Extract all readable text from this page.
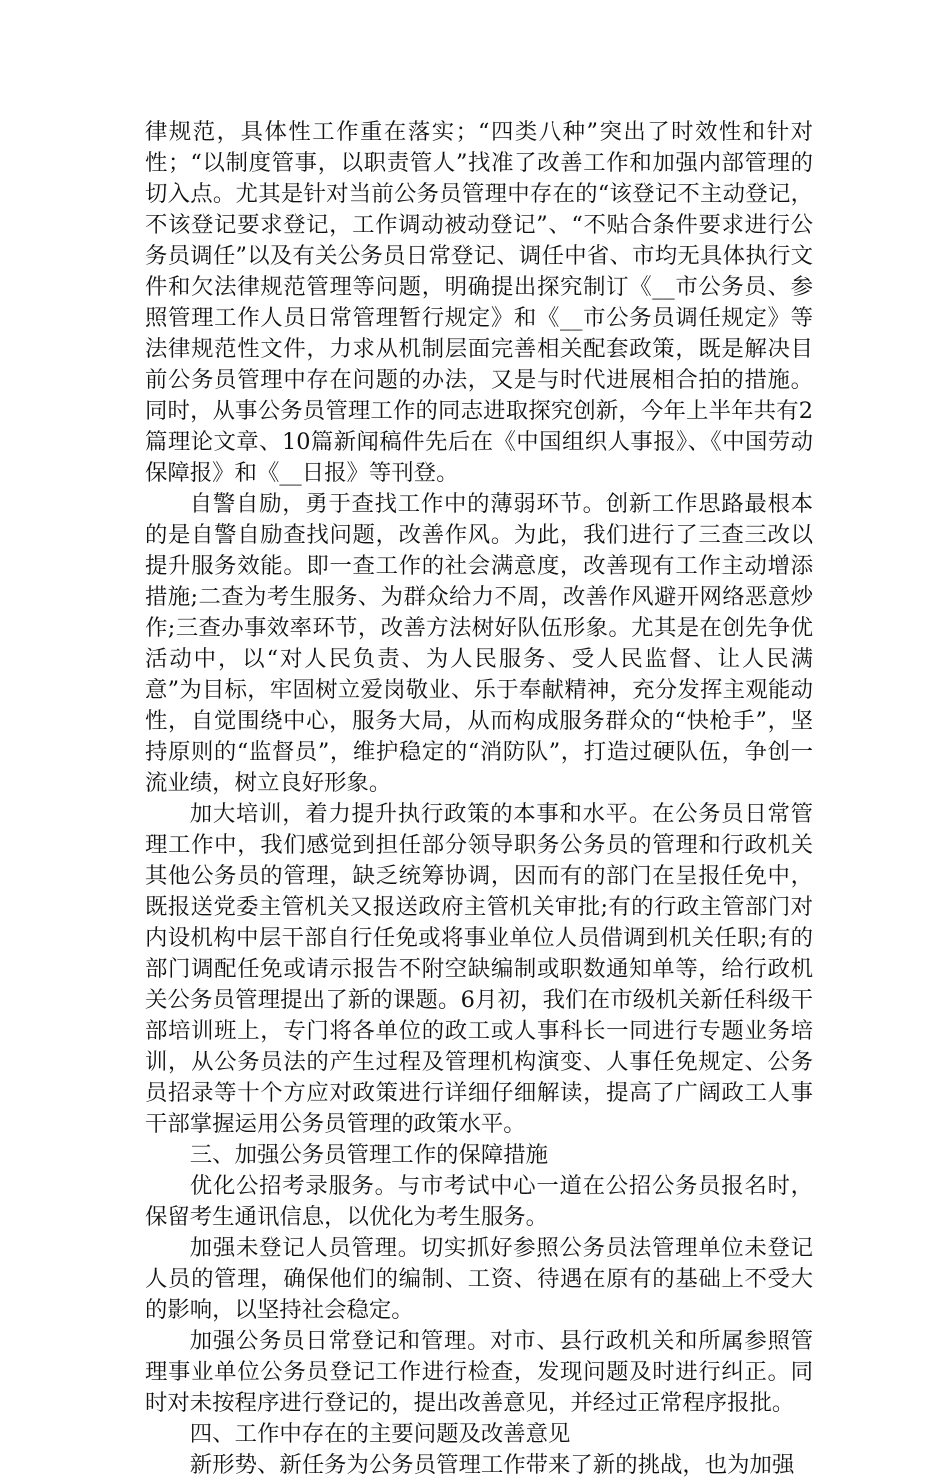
律规范，具体性工作重在落实；“四类八种”突出了时效性和针对性；“以制度管事，以职责管人”找准了改善工作和加强内部管理的切入点。尤其是针对当前公务员管理中存在的“该登记不主动登记，不该登记要求登记，工作调动被动登记”、“不贴合条件要求进行公务员调任”以及有关公务员日常登记、调任中省、市均无具体执行文件和欠法律规范管理等问题，明确提出探究制订《__市公务员、参照管理工作人员日常管理暂行规定》和《__市公务员调任规定》等法律规范性文件，力求从机制层面完善相关配套政策，既是解决目前公务员管理中存在问题的办法，又是与时代进展相合拍的措施。同时，从事公务员管理工作的同志进取探究创新，今年上半年共有2篇理论文章、10篇新闻稿件先后在《中国组织人事报》、《中国劳动保障报》和《__日报》等刊登。

自警自励，勇于查找工作中的薄弱环节。创新工作思路最根本的是自警自励查找问题，改善作风。为此，我们进行了三查三改以提升服务效能。即一查工作的社会满意度，改善现有工作主动增添措施;二查为考生服务、为群众给力不周，改善作风避开网络恶意炒作;三查办事效率环节，改善方法树好队伍形象。尤其是在创先争优活动中，以“对人民负责、为人民服务、受人民监督、让人民满意”为目标，牢固树立爱岗敬业、乐于奉献精神，充分发挥主观能动性，自觉围绕中心，服务大局，从而构成服务群众的“快枪手”，坚持原则的“监督员”，维护稳定的“消防队”，打造过硬队伍，争创一流业绩，树立良好形象。

加大培训，着力提升执行政策的本事和水平。在公务员日常管理工作中，我们感觉到担任部分领导职务公务员的管理和行政机关其他公务员的管理，缺乏统筹协调，因而有的部门在呈报任免中，既报送党委主管机关又报送政府主管机关审批;有的行政主管部门对内设机构中层干部自行任免或将事业单位人员借调到机关任职;有的部门调配任免或请示报告不附空缺编制或职数通知单等，给行政机关公务员管理提出了新的课题。6月初，我们在市级机关新任科级干部培训班上，专门将各单位的政工或人事科长一同进行专题业务培训，从公务员法的产生过程及管理机构演变、人事任免规定、公务员招录等十个方应对政策进行详细仔细解读，提高了广阔政工人事干部掌握运用公务员管理的政策水平。

三、加强公务员管理工作的保障措施

优化公招考录服务。与市考试中心一道在公招公务员报名时，保留考生通讯信息，以优化为考生服务。

加强未登记人员管理。切实抓好参照公务员法管理单位未登记人员的管理，确保他们的编制、工资、待遇在原有的基础上不受大的影响，以坚持社会稳定。

加强公务员日常登记和管理。对市、县行政机关和所属参照管理事业单位公务员登记工作进行检查，发现问题及时进行纠正。同时对未按程序进行登记的，提出改善意见，并经过正常程序报批。

四、工作中存在的主要问题及改善意见

新形势、新任务为公务员管理工作带来了新的挑战，也为加强
